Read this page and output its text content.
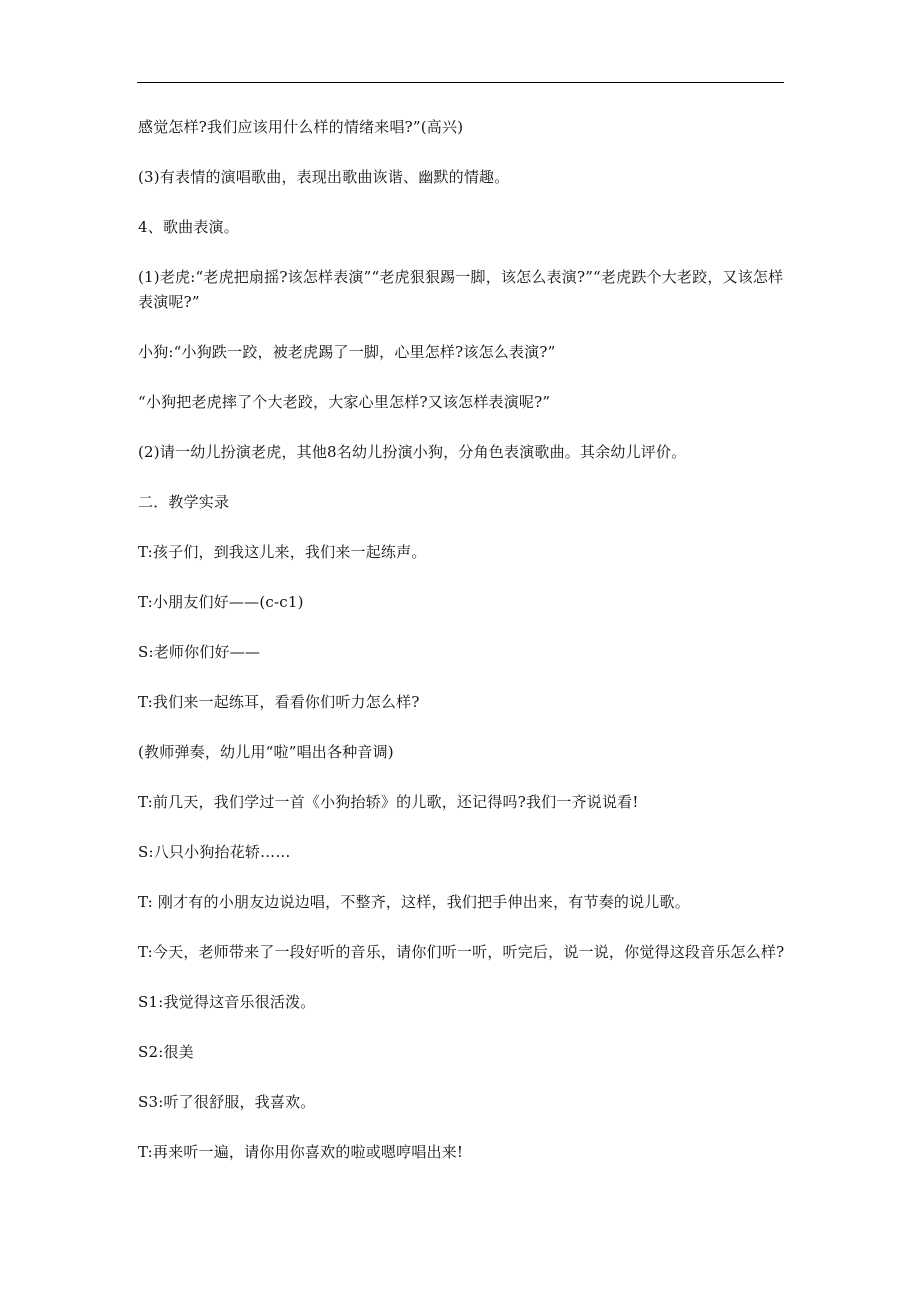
感觉怎样?我们应该用什么样的情绪来唱?”(高兴)

(3)有表情的演唱歌曲，表现出歌曲诙谐、幽默的情趣。

4、歌曲表演。

(1)老虎:“老虎把扇摇?该怎样表演”“老虎狠狠踢一脚，该怎么表演?”“老虎跌个大老跤，又该怎样表演呢?”

小狗:“小狗跌一跤，被老虎踢了一脚，心里怎样?该怎么表演?”

“小狗把老虎摔了个大老跤，大家心里怎样?又该怎样表演呢?”

(2)请一幼儿扮演老虎，其他8名幼儿扮演小狗，分角色表演歌曲。其余幼儿评价。

二．教学实录

T:孩子们，到我这儿来，我们来一起练声。

T:小朋友们好——(c-c1)

S:老师你们好——

T:我们来一起练耳，看看你们听力怎么样?

(教师弹奏，幼儿用“啦”唱出各种音调)

T:前几天，我们学过一首《小狗抬轿》的儿歌，还记得吗?我们一齐说说看!

S:八只小狗抬花轿……

T: 刚才有的小朋友边说边唱，不整齐，这样，我们把手伸出来，有节奏的说儿歌。

T:今天，老师带来了一段好听的音乐，请你们听一听，听完后，说一说，你觉得这段音乐怎么样?

S1:我觉得这音乐很活泼。

S2:很美

S3:听了很舒服，我喜欢。

T:再来听一遍，请你用你喜欢的啦或嗯哼唱出来!
